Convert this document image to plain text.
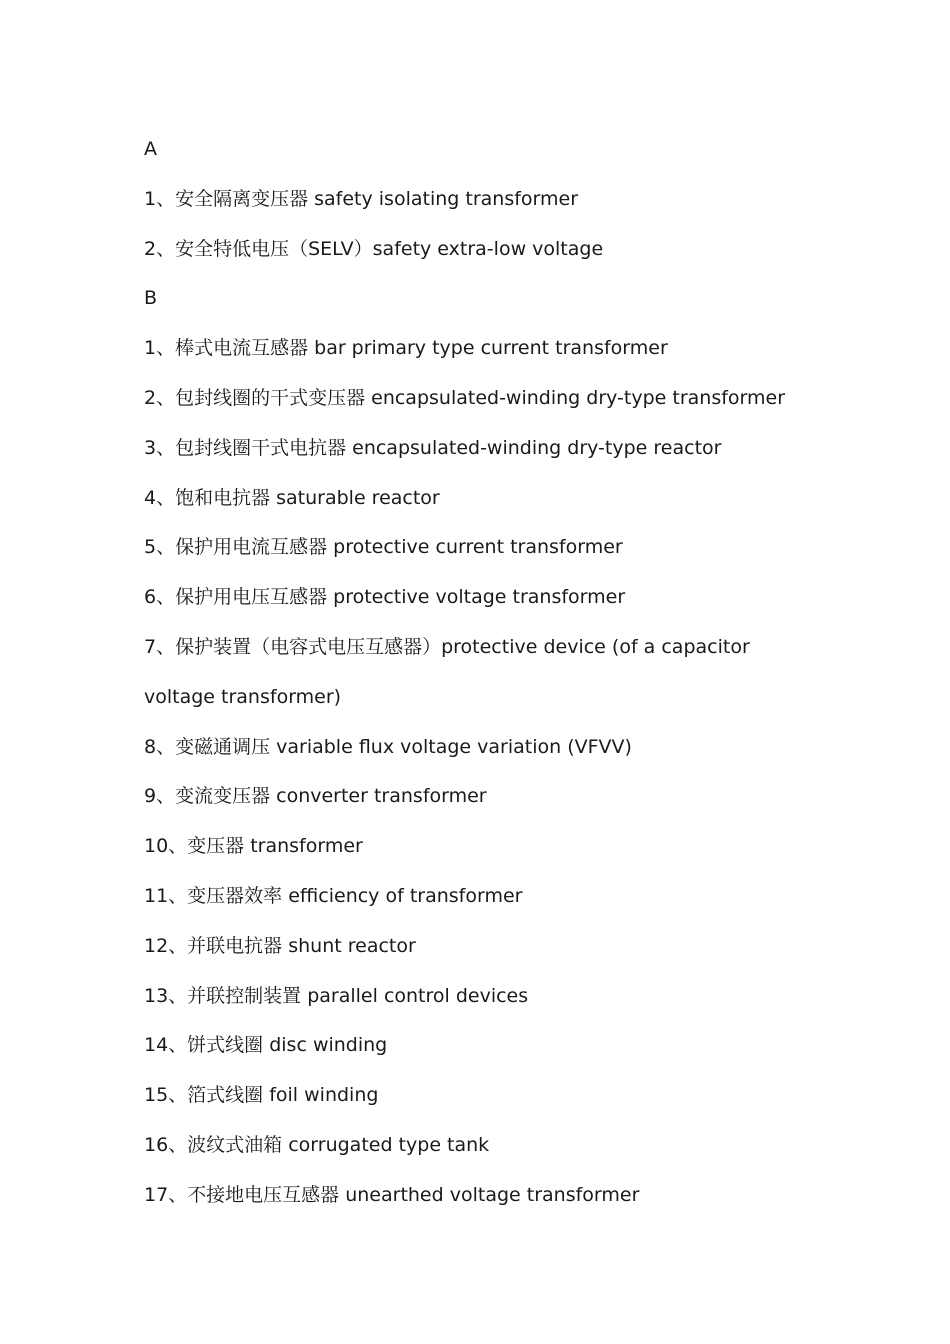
A
1、安全隔离变压器 safety isolating transformer
2、安全特低电压（SELV）safety extra-low voltage
B
1、棒式电流互感器 bar primary type current transformer
2、包封线圈的干式变压器 encapsulated-winding dry-type transformer
3、包封线圈干式电抗器 encapsulated-winding dry-type reactor
4、饱和电抗器 saturable reactor
5、保护用电流互感器 protective current transformer
6、保护用电压互感器 protective voltage transformer
7、保护装置（电容式电压互感器）protective device (of a capacitor
voltage transformer)
8、变磁通调压 variable flux voltage variation (VFVV)
9、变流变压器 converter transformer
10、变压器 transformer
11、变压器效率 efficiency of transformer
12、并联电抗器 shunt reactor
13、并联控制装置 parallel control devices
14、饼式线圈 disc winding
15、箔式线圈 foil winding
16、波纹式油箱 corrugated type tank
17、不接地电压互感器 unearthed voltage transformer
